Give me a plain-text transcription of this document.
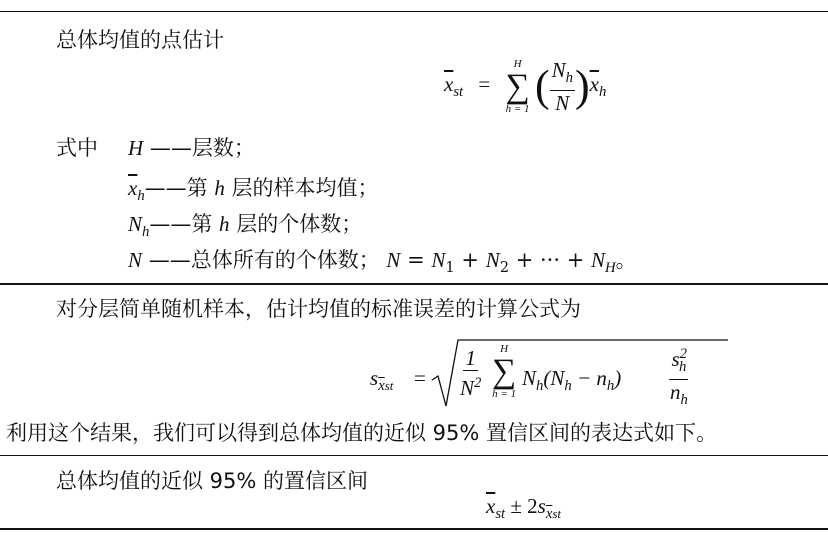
总体均值的点估计
$\overline{x}_{st}$ =
H
∑
h = 1 ( $\frac{N_h}{N} )\overline{x}_h$
式中 H ——层数；
$\overline{x}_h——$第 h 层的样本均值；
$N_h——$第 h 层的个体数；
N ——总体所有的个体数； $N = N_1 + N_2$ + ··· + $N_H$。
对分层简单随机样本，估计均值的标准误差的计算公式为
$s_{\overline{x}st} = \frac{1}{N^2}$ H
∑
h = 1
$N_h(N_h - n_h) \frac{s^2_h}{n_h}$
利用这个结果，我们可以得到总体均值的近似 95% 置信区间的表达式如下。
总体均值的近似 95% 的置信区间
$\overline{x}_{st} \pm 2s_{\overline{x}st}$
